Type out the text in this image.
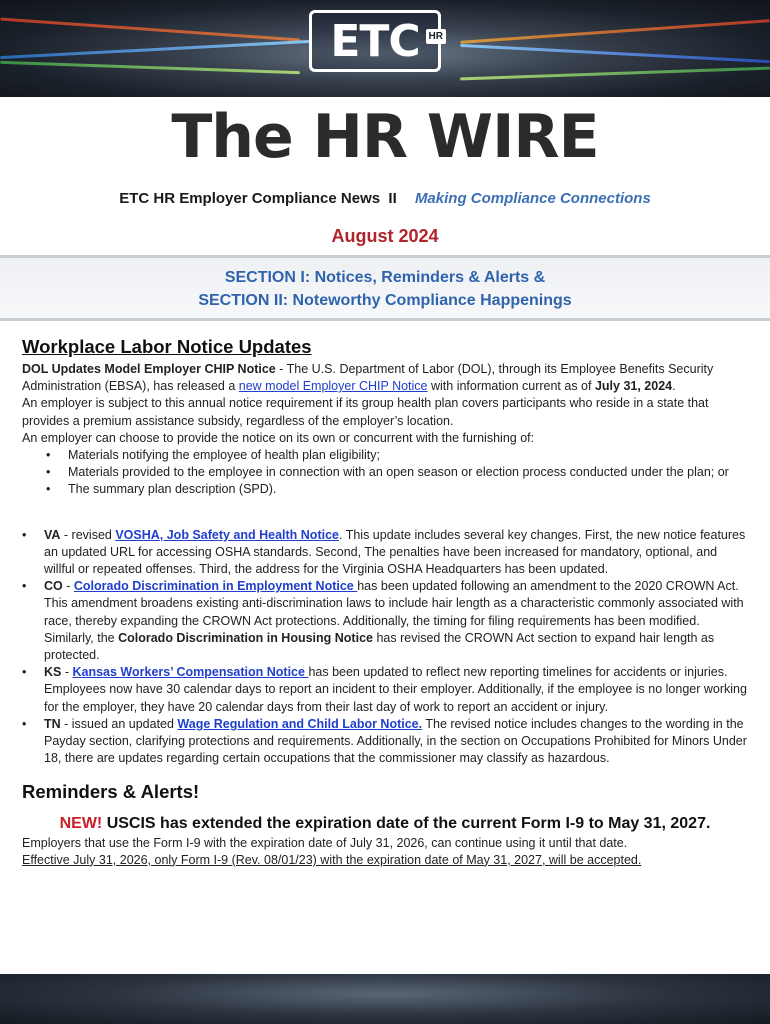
ETC HR
The HR WIRE
ETC HR Employer Compliance News  II Making Compliance Connections
August 2024
SECTION I: Notices, Reminders & Alerts &
SECTION II: Noteworthy Compliance Happenings
Workplace Labor Notice Updates

DOL Updates Model Employer CHIP Notice - The U.S. Department of Labor (DOL), through its Employee Benefits Security Administration (EBSA), has released a new model Employer CHIP Notice with information current as of July 31, 2024.

An employer is subject to this annual notice requirement if its group health plan covers participants who reside in a state that provides a premium assistance subsidy, regardless of the employer’s location.

An employer can choose to provide the notice on its own or concurrent with the furnishing of:

• Materials notifying the employee of health plan eligibility;
• Materials provided to the employee in connection with an open season or election process conducted under the plan; or
• The summary plan description (SPD).
• VA - revised VOSHA, Job Safety and Health Notice. This update includes several key changes. First, the new notice features an updated URL for accessing OSHA standards. Second, The penalties have been increased for mandatory, optional, and willful or repeated offenses. Third, the address for the Virginia OSHA Headquarters has been updated.
• CO - Colorado Discrimination in Employment Notice has been updated following an amendment to the 2020 CROWN Act. This amendment broadens existing anti-discrimination laws to include hair length as a characteristic commonly associated with race, thereby expanding the CROWN Act protections. Additionally, the timing for filing requirements has been modified. Similarly, the Colorado Discrimination in Housing Notice has revised the CROWN Act section to expand hair length as protected.
• KS - Kansas Workers’ Compensation Notice has been updated to reflect new reporting timelines for accidents or injuries. Employees now have 30 calendar days to report an incident to their employer. Additionally, if the employee is no longer working for the employer, they have 20 calendar days from their last day of work to report an accident or injury.
• TN - issued an updated Wage Regulation and Child Labor Notice. The revised notice includes changes to the wording in the Payday section, clarifying protections and requirements. Additionally, in the section on Occupations Prohibited for Minors Under 18, there are updates regarding certain occupations that the commissioner may classify as hazardous.
Reminders & Alerts!
NEW! USCIS has extended the expiration date of the current Form I-9 to May 31, 2027.

Employers that use the Form I-9 with the expiration date of July 31, 2026, can continue using it until that date.

Effective July 31, 2026, only Form I-9 (Rev. 08/01/23) with the expiration date of May 31, 2027, will be accepted.
